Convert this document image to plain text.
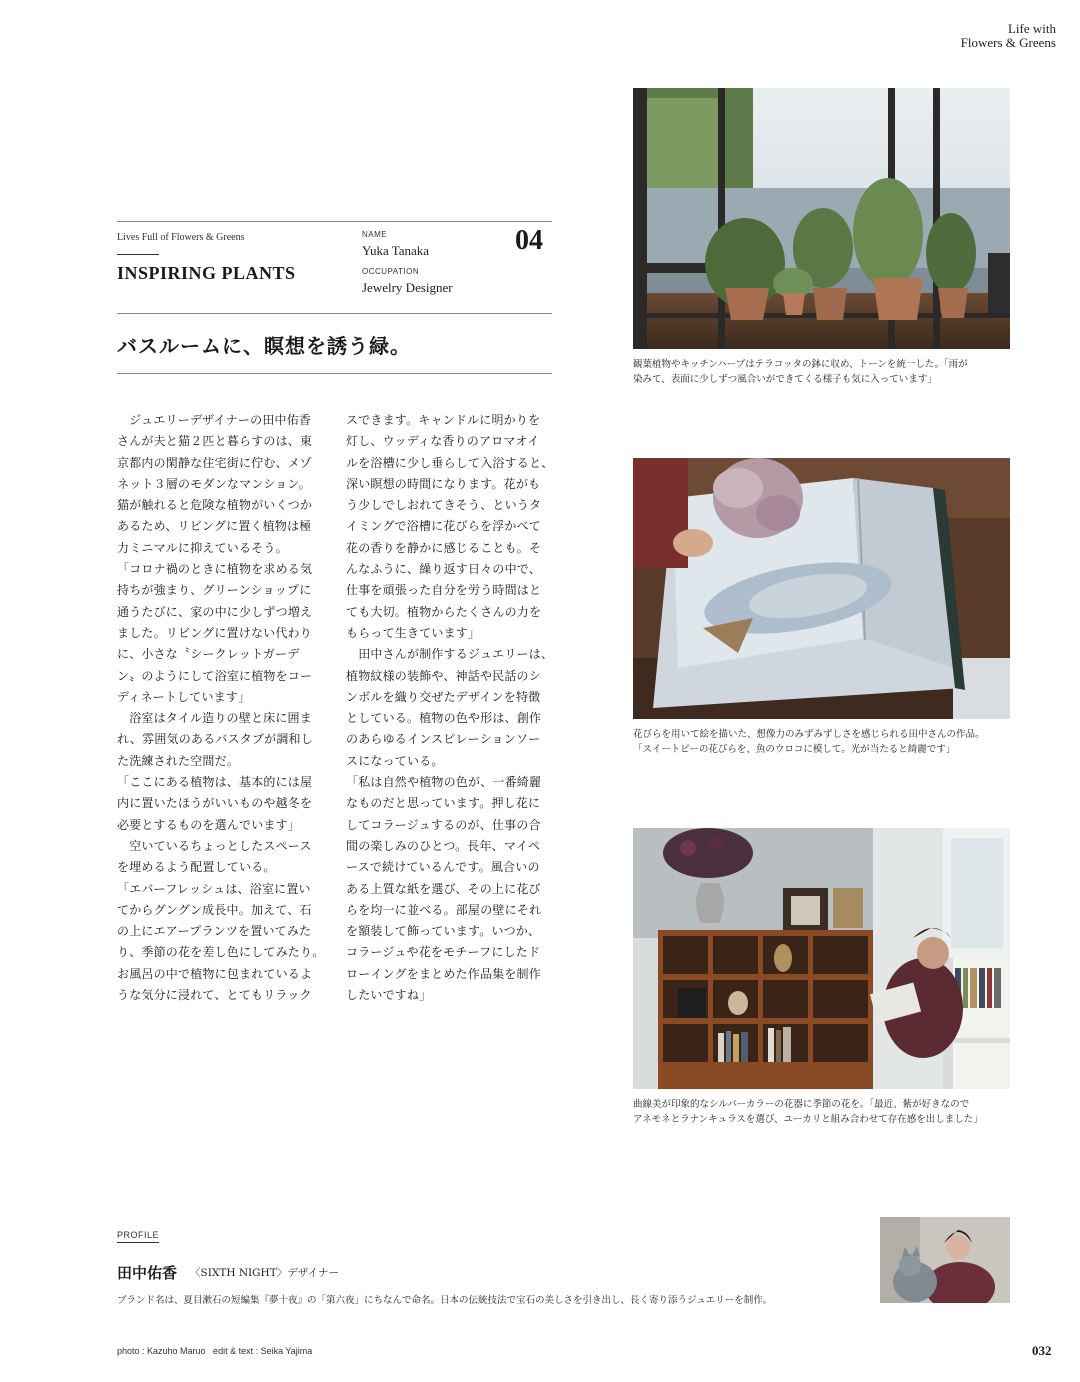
Life with
Flowers & Greens
Lives Full of Flowers & Greens
INSPIRING PLANTS
NAME
Yuka Tanaka
OCCUPATION
Jewelry Designer
04
バスルームに、瞑想を誘う緑。

　ジュエリーデザイナーの田中佑香

さんが夫と猫２匹と暮らすのは、東

京都内の閑静な住宅街に佇む、メゾ

ネット３層のモダンなマンション。

猫が触れると危険な植物がいくつか

あるため、リビングに置く植物は極

力ミニマルに抑えているそう。

「コロナ禍のときに植物を求める気

持ちが強まり、グリーンショップに

通うたびに、家の中に少しずつ増え

ました。リビングに置けない代わり

に、小さな〝シークレットガーデ

ン〟のようにして浴室に植物をコー

ディネートしています」

　浴室はタイル造りの壁と床に囲ま

れ、雰囲気のあるバスタブが調和し

た洗練された空間だ。

「ここにある植物は、基本的には屋

内に置いたほうがいいものや越冬を

必要とするものを選んでいます」

　空いているちょっとしたスペース

を埋めるよう配置している。

「エバーフレッシュは、浴室に置い

てからグングン成長中。加えて、石

の上にエアープランツを置いてみた

り、季節の花を差し色にしてみたり。

お風呂の中で植物に包まれているよ

うな気分に浸れて、とてもリラック

スできます。キャンドルに明かりを

灯し、ウッディな香りのアロマオイ

ルを浴槽に少し垂らして入浴すると、

深い瞑想の時間になります。花がも

う少しでしおれてきそう、というタ

イミングで浴槽に花びらを浮かべて

花の香りを静かに感じることも。そ

んなふうに、繰り返す日々の中で、

仕事を頑張った自分を労う時間はと

ても大切。植物からたくさんの力を

もらって生きています」

　田中さんが制作するジュエリーは、

植物紋様の装飾や、神話や民話のシ

ンボルを織り交ぜたデザインを特徴

としている。植物の色や形は、創作

のあらゆるインスピレーションソー

スになっている。

「私は自然や植物の色が、一番綺麗

なものだと思っています。押し花に

してコラージュするのが、仕事の合

間の楽しみのひとつ。長年、マイペ

ースで続けているんです。風合いの

ある上質な紙を選び、その上に花び

らを均一に並べる。部屋の壁にそれ

を額装して飾っています。いつか、

コラージュや花をモチーフにしたド

ローイングをまとめた作品集を制作

したいですね」

観葉植物やキッチンハーブはテラコッタの鉢に収め、トーンを統一した。「雨が

染みて、表面に少しずつ風合いができてくる様子も気に入っています」

花びらを用いて絵を描いた、想像力のみずみずしさを感じられる田中さんの作品。

「スイートピーの花びらを、魚のウロコに模して。光が当たると綺麗です」

曲線美が印象的なシルバーカラーの花器に季節の花を。「最近、紫が好きなので

アネモネとラナンキュラスを選び、ユーカリと組み合わせて存在感を出しました」

PROFILE
田中佑香 〈SIXTH NIGHT〉デザイナー
ブランド名は、夏目漱石の短編集『夢十夜』の「第六夜」にちなんで命名。日本の伝統技法で宝石の美しさを引き出し、長く寄り添うジュエリーを制作。
photo : Kazuho Maruo   edit & text : Seika Yajima	032
